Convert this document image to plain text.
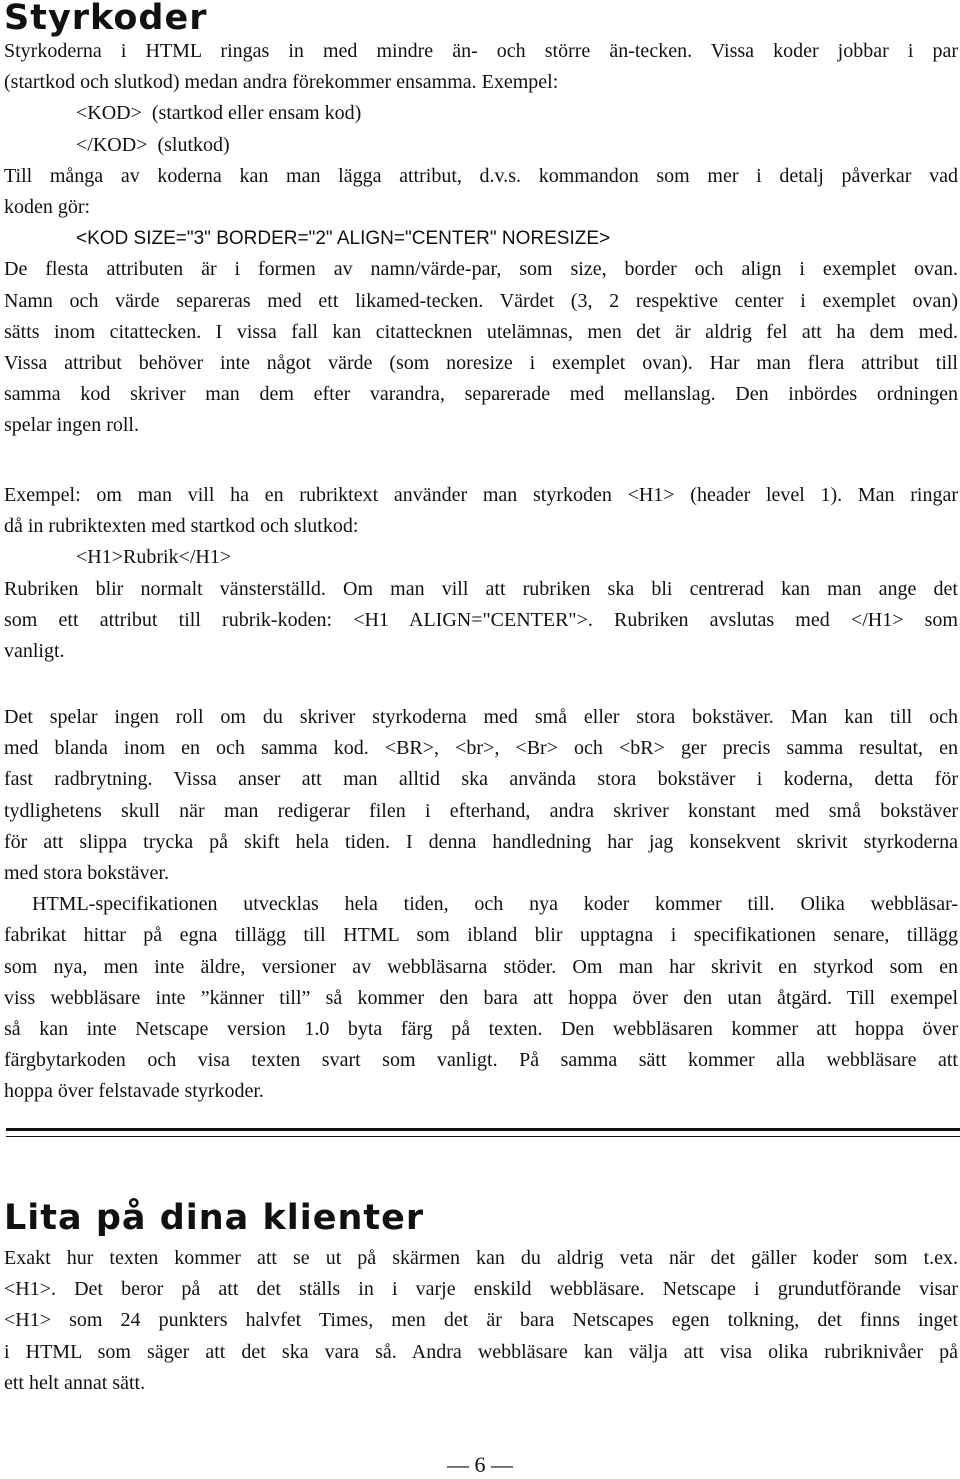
Styrkoder
Styrkoderna i HTML ringas in med mindre än- och större än-tecken. Vissa koder jobbar i par
(startkod och slutkod) medan andra förekommer ensamma. Exempel:
<KOD>  (startkod eller ensam kod)
</KOD>  (slutkod)
Till många av koderna kan man lägga attribut, d.v.s. kommandon som mer i detalj påverkar vad
koden gör:
<KOD SIZE="3" BORDER="2" ALIGN="CENTER" NORESIZE>
De flesta attributen är i formen av namn/värde-par, som size, border och align i exemplet ovan.
Namn och värde separeras med ett likamed-tecken. Värdet (3, 2 respektive center i exemplet ovan)
sätts inom citattecken. I vissa fall kan citattecknen utelämnas, men det är aldrig fel att ha dem med.
Vissa attribut behöver inte något värde (som noresize i exemplet ovan). Har man flera attribut till
samma kod skriver man dem efter varandra, separerade med mellanslag. Den inbördes ordningen
spelar ingen roll.
Exempel: om man vill ha en rubriktext använder man styrkoden <H1> (header level 1). Man ringar
då in rubriktexten med startkod och slutkod:
<H1>Rubrik</H1>
Rubriken blir normalt vänsterställd. Om man vill att rubriken ska bli centrerad kan man ange det
som ett attribut till rubrik-koden: <H1 ALIGN="CENTER">. Rubriken avslutas med </H1> som
vanligt.
Det spelar ingen roll om du skriver styrkoderna med små eller stora bokstäver. Man kan till och
med blanda inom en och samma kod. <BR>, <br>, <Br> och <bR> ger precis samma resultat, en
fast radbrytning. Vissa anser att man alltid ska använda stora bokstäver i koderna, detta för
tydlighetens skull när man redigerar filen i efterhand, andra skriver konstant med små bokstäver
för att slippa trycka på skift hela tiden. I denna handledning har jag konsekvent skrivit styrkoderna
med stora bokstäver.
HTML-specifikationen utvecklas hela tiden, och nya koder kommer till. Olika webbläsar-
fabrikat hittar på egna tillägg till HTML som ibland blir upptagna i specifikationen senare, tillägg
som nya, men inte äldre, versioner av webbläsarna stöder. Om man har skrivit en styrkod som en
viss webbläsare inte ”känner till” så kommer den bara att hoppa över den utan åtgärd. Till exempel
så kan inte Netscape version 1.0 byta färg på texten. Den webbläsaren kommer att hoppa över
färgbytarkoden och visa texten svart som vanligt. På samma sätt kommer alla webbläsare att
hoppa över felstavade styrkoder.
Lita på dina klienter
Exakt hur texten kommer att se ut på skärmen kan du aldrig veta när det gäller koder som t.ex.
<H1>. Det beror på att det ställs in i varje enskild webbläsare. Netscape i grundutförande visar
<H1> som 24 punkters halvfet Times, men det är bara Netscapes egen tolkning, det finns inget
i HTML som säger att det ska vara så. Andra webbläsare kan välja att visa olika rubriknivåer på
ett helt annat sätt.
— 6 —
